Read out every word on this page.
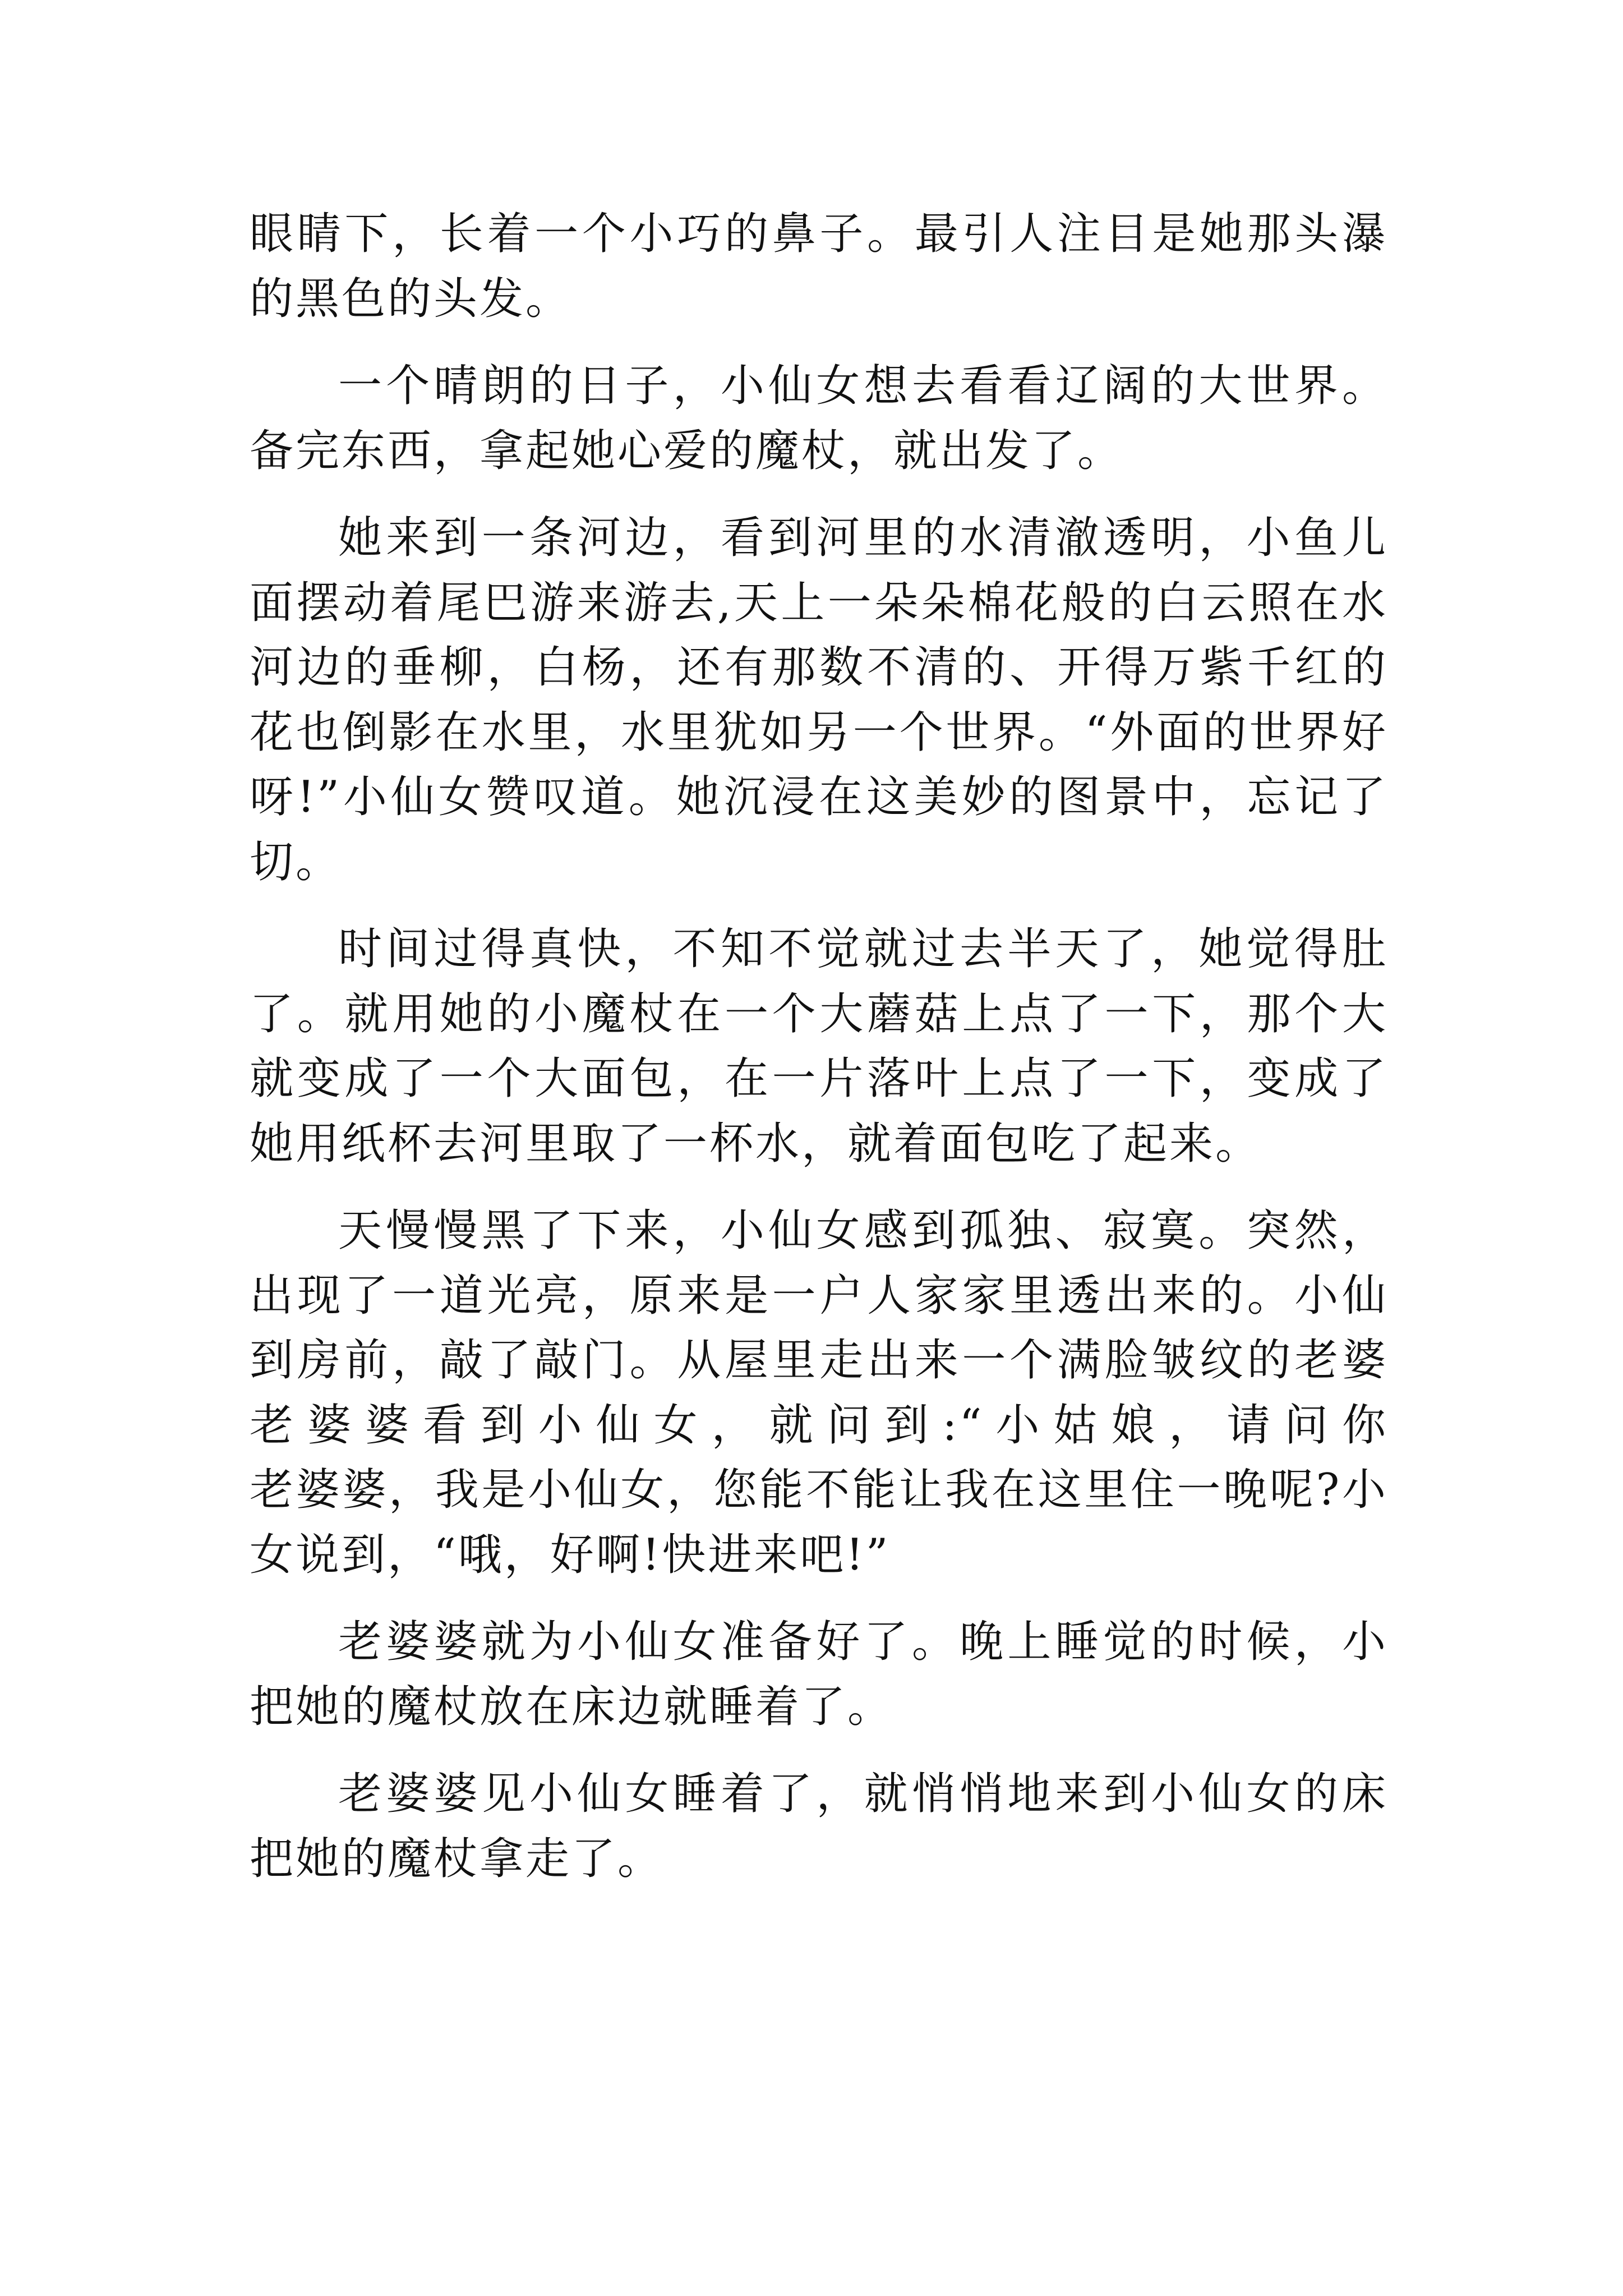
眼睛下，长着一个小巧的鼻子。最引人注目是她那头瀑
的黑色的头发。
一个晴朗的日子，小仙女想去看看辽阔的大世界。
备完东西，拿起她心爱的魔杖，就出发了。
她来到一条河边，看到河里的水清澈透明，小鱼儿
面摆动着尾巴游来游去,天上一朵朵棉花般的白云照在水
河边的垂柳，白杨，还有那数不清的、开得万紫千红的
花也倒影在水里，水里犹如另一个世界。“外面的世界好
呀!”小仙女赞叹道。她沉浸在这美妙的图景中，忘记了
切。
时间过得真快，不知不觉就过去半天了，她觉得肚
了。就用她的小魔杖在一个大蘑菇上点了一下，那个大
就变成了一个大面包，在一片落叶上点了一下，变成了
她用纸杯去河里取了一杯水，就着面包吃了起来。
天慢慢黑了下来，小仙女感到孤独、寂寞。突然，
出现了一道光亮，原来是一户人家家里透出来的。小仙
到房前，敲了敲门。从屋里走出来一个满脸皱纹的老婆
老婆婆看到小仙女，就问到:“小姑娘，请问你
老婆婆，我是小仙女，您能不能让我在这里住一晚呢?小
女说到，“哦，好啊!快进来吧!”
老婆婆就为小仙女准备好了。晚上睡觉的时候，小
把她的魔杖放在床边就睡着了。
老婆婆见小仙女睡着了，就悄悄地来到小仙女的床
把她的魔杖拿走了。
